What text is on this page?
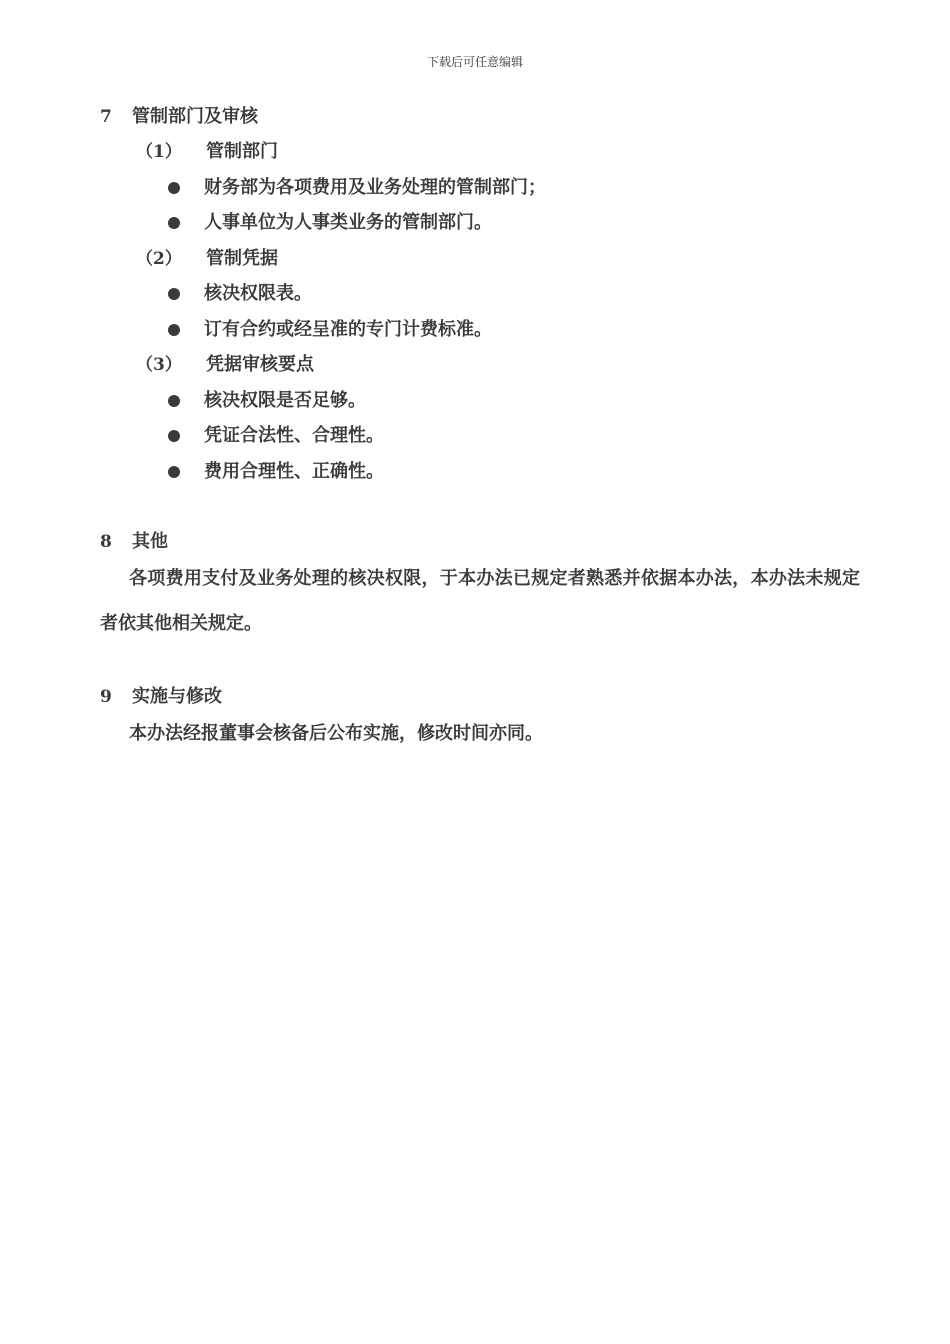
下载后可任意编辑
7 管制部门及审核
（1） 管制部门
财务部为各项费用及业务处理的管制部门；
人事单位为人事类业务的管制部门。
（2） 管制凭据
核决权限表。
订有合约或经呈准的专门计费标准。
（3） 凭据审核要点
核决权限是否足够。
凭证合法性、合理性。
费用合理性、正确性。
8 其他
各项费用支付及业务处理的核决权限，于本办法已规定者熟悉并依据本办法，本办法未规定者依其他相关规定。
9 实施与修改
本办法经报董事会核备后公布实施，修改时间亦同。
